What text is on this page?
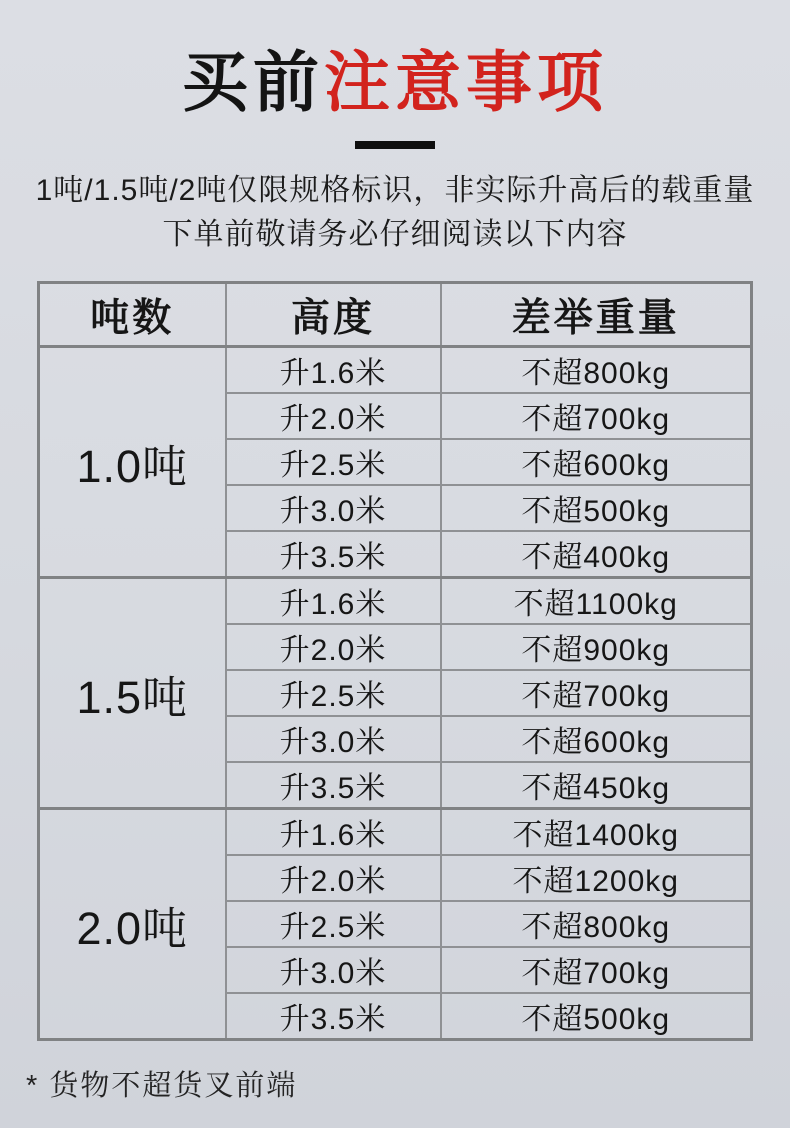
买前注意事项

1吨/1.5吨/2吨仅限规格标识，非实际升高后的载重量

下单前敬请务必仔细阅读以下内容

吨数	高度	差举重量
1.0吨	升1.6米	不超800kg
	升2.0米	不超700kg
	升2.5米	不超600kg
	升3.0米	不超500kg
	升3.5米	不超400kg
1.5吨	升1.6米	不超1100kg
	升2.0米	不超900kg
	升2.5米	不超700kg
	升3.0米	不超600kg
	升3.5米	不超450kg
2.0吨	升1.6米	不超1400kg
	升2.0米	不超1200kg
	升2.5米	不超800kg
	升3.0米	不超700kg
	升3.5米	不超500kg

* 货物不超货叉前端
